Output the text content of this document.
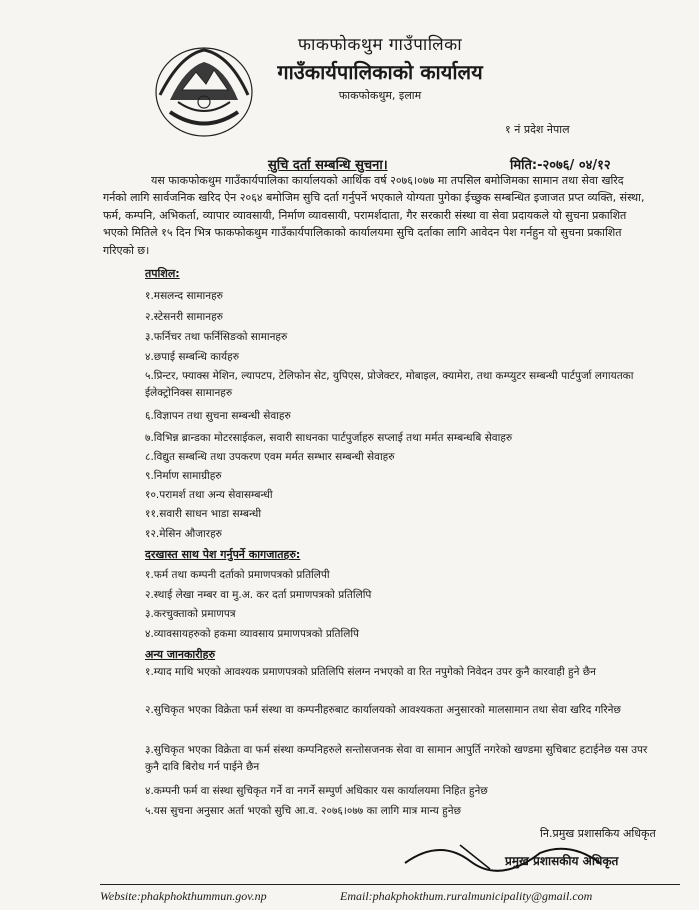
फाकफोकथुम गाउँपालिका
गाउँकार्यपालिकाको कार्यालय
फाकफोकथुम, इलाम
१ नं प्रदेश नेपाल
सुचि दर्ता सम्बन्धि सुचना।	मिति:-२०७६/ ०४/१२

यस फाकफोकथुम गाउँकार्यपालिका कार्यालयको आर्थिक वर्ष २०७६।०७७ मा तपसिल बमोजिमका सामान तथा सेवा खरिद गर्नको लागि सार्वजनिक खरिद ऐन २०६४ बमोजिम सुचि दर्ता गर्नुपर्ने भएकाले योग्यता पुगेका ईच्छुक सम्बन्धित इजाजत प्रप्त व्यक्ति, संस्था, फर्म, कम्पनि, अभिकर्ता, व्यापार व्यावसायी, निर्माण व्यावसायी, परामर्शदाता, गैर सरकारी संस्था वा सेवा प्रदायकले यो सुचना प्रकाशित भएको मितिले १५ दिन भित्र फाकफोकथुम गाउँकार्यपालिकाको कार्यालयमा सुचि दर्ताका लागि आवेदन पेश गर्नहुन यो सुचना प्रकाशित गरिएको छ।

तपशिल:
१.मसलन्द सामानहरु
२.स्टेसनरी सामानहरु
३.फर्निचर तथा फर्निसिङको सामानहरु
४.छपाई सम्बन्धि कार्यहरु
५.प्रिन्टर, फ्याक्स मेशिन, ल्यापटप, टेलिफोन सेट, युपिएस, प्रोजेक्टर, मोबाइल, क्यामेरा, तथा कम्प्युटर सम्बन्धी पार्टपुर्जा लगायतका ईलेक्ट्रोनिक्स सामानहरु
६.विज्ञापन तथा सुचना सम्बन्धी सेवाहरु
७.विभिन्न ब्रान्डका मोटरसाईकल, सवारी साधनका पार्टपुर्जाहरु सप्लाई तथा मर्मत सम्बन्धबि सेवाहरु
८.विद्युत सम्बन्धि तथा उपकरण एवम मर्मत सम्भार सम्बन्धी सेवाहरु
९.निर्माण सामाग्रीहरु
१०.परामर्श तथा अन्य सेवासम्बन्धी
११.सवारी साधन भाडा सम्बन्धी
१२.मेसिन औजारहरु
दरखास्त साथ पेश गर्नुपर्ने कागजातहरु:
१.फर्म तथा कम्पनी दर्ताको प्रमाणपत्रको प्रतिलिपी
२.स्थाई लेखा नम्बर वा मु.अ. कर दर्ता प्रमाणपत्रको प्रतिलिपि
३.करचुक्ताको प्रमाणपत्र
४.व्यावसायहरुको हकमा व्यावसाय प्रमाणपत्रको प्रतिलिपि
अन्य जानकारीहरु
१.म्याद माथि भएको आवश्यक प्रमाणपत्रको प्रतिलिपि संलग्न नभएको वा रित नपुगेको निवेदन उपर कुनै कारवाही हुने छैन
२.सुचिकृत भएका विक्रेता फर्म संस्था वा कम्पनीहरुबाट कार्यालयको आवश्यकता अनुसारको मालसामान तथा सेवा खरिद गरिनेछ
३.सुचिकृत भएका विक्रेता वा फर्म संस्था कम्पनिहरुले सन्तोसजनक सेवा वा सामान आपुर्ति नगरेको खण्डमा सुचिबाट हटाईनेछ यस उपर कुनै दावि बिरोध गर्न पाईने छैन
४.कम्पनी फर्म वा संस्था सुचिकृत गर्ने वा नगर्ने सम्पुर्ण अधिकार यस कार्यालयमा निहित हुनेछ
५.यस सुचना अनुसार अर्ता भएको सुचि आ.व. २०७६।०७७ का लागि मात्र मान्य हुनेछ
नि.प्रमुख प्रशासकिय अधिकृत
प्रमुख प्रशासकीय अधिकृत
Website:phakphokthummun.gov.np	Email:phakphokthum.ruralmunicipality@gmail.com
